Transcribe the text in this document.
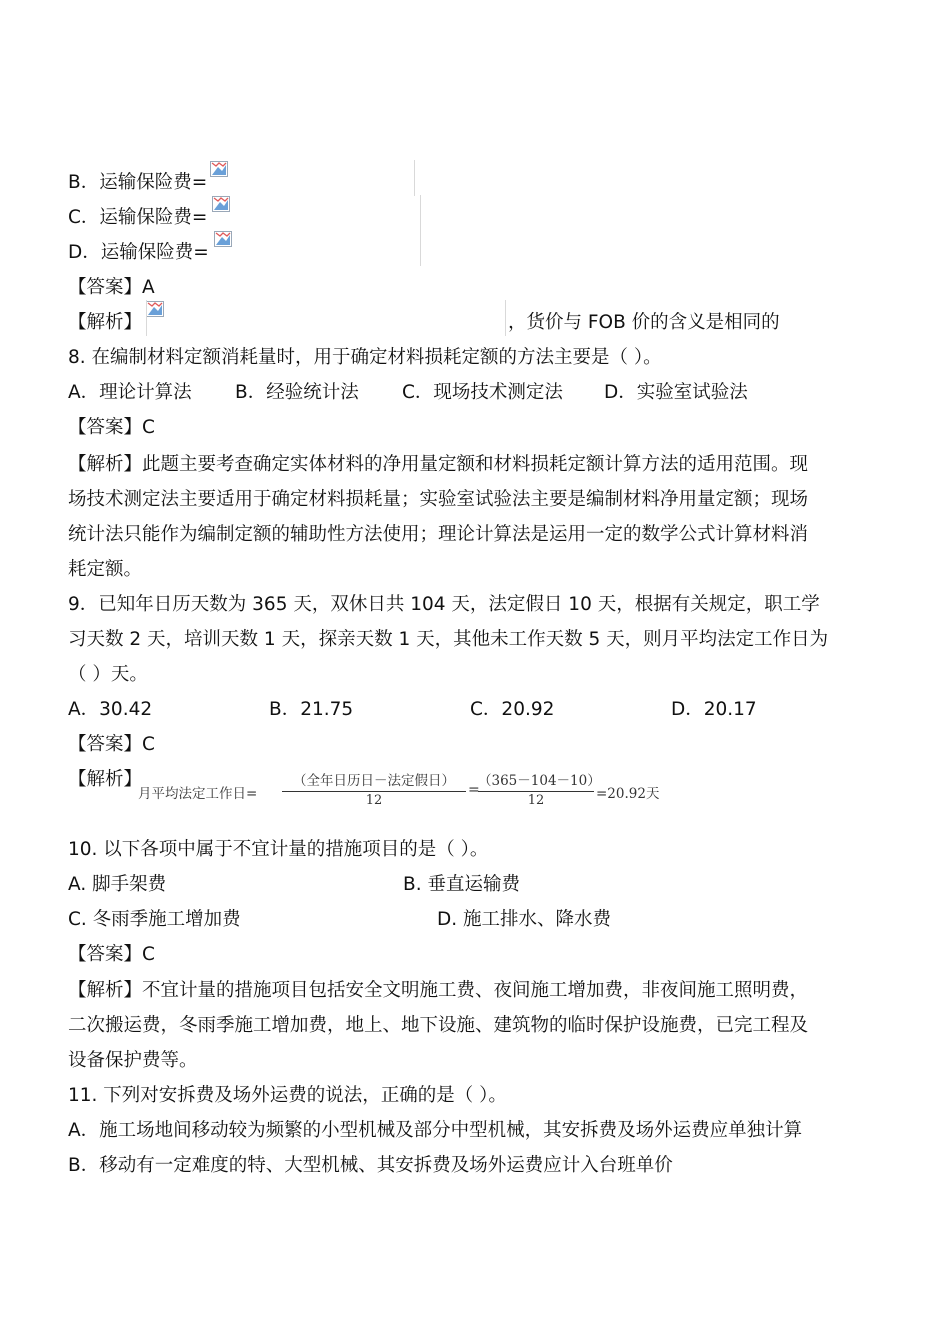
B．运输保险费=
C．运输保险费=
D．运输保险费=
【答案】A
【解析】	，货价与 FOB 价的含义是相同的
8. 在编制材料定额消耗量时，用于确定材料损耗定额的方法主要是（ ）。
A．理论计算法 B．经验统计法 C．现场技术测定法 D．实验室试验法
【答案】C
【解析】此题主要考查确定实体材料的净用量定额和材料损耗定额计算方法的适用范围。现
场技术测定法主要适用于确定材料损耗量；实验室试验法主要是编制材料净用量定额；现场
统计法只能作为编制定额的辅助性方法使用；理论计算法是运用一定的数学公式计算材料消
耗定额。
9．已知年日历天数为 365 天，双休日共 104 天，法定假日 10 天，根据有关规定，职工学
习天数 2 天，培训天数 1 天，探亲天数 1 天，其他未工作天数 5 天，则月平均法定工作日为
（ ）天。
A．30.42	B．21.75	C．20.92	D．20.17
【答案】C
【解析】
月平均法定工作日=
（全年日历日－法定假日）
12
=
（365－104－10）
12	=20.92天
10. 以下各项中属于不宜计量的措施项目的是（ ）。
A. 脚手架费	B. 垂直运输费
C. 冬雨季施工增加费	D. 施工排水、降水费
【答案】C
【解析】不宜计量的措施项目包括安全文明施工费、夜间施工增加费，非夜间施工照明费，
二次搬运费，冬雨季施工增加费，地上、地下设施、建筑物的临时保护设施费，已完工程及
设备保护费等。
11. 下列对安拆费及场外运费的说法，正确的是（ ）。
A．施工场地间移动较为频繁的小型机械及部分中型机械，其安拆费及场外运费应单独计算
B．移动有一定难度的特、大型机械、其安拆费及场外运费应计入台班单价
